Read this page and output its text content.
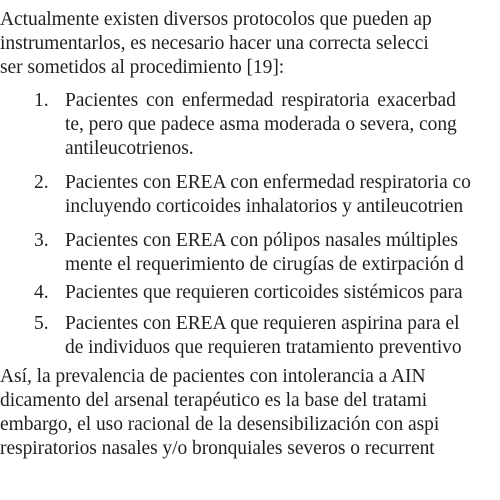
Actualmente existen diversos protocolos que pueden ap
instrumentarlos, es necesario hacer una correcta selecci
ser sometidos al procedimiento [19]:
1. Pacientes con enfermedad respiratoria exacerbad
te, pero que padece asma moderada o severa, cong
antileucotrienos.
2. Pacientes con EREA con enfermedad respiratoria co
incluyendo corticoides inhalatorios y antileucotrien
3. Pacientes con EREA con pólipos nasales múltiples
mente el requerimiento de cirugías de extirpación d
4. Pacientes que requieren corticoides sistémicos para
5. Pacientes con EREA que requieren aspirina para el
de individuos que requieren tratamiento preventivo
Así, la prevalencia de pacientes con intolerancia a AIN
dicamento del arsenal terapéutico es la base del tratami
embargo, el uso racional de la desensibilización con aspi
respiratorios nasales y/o bronquiales severos o recurrent
